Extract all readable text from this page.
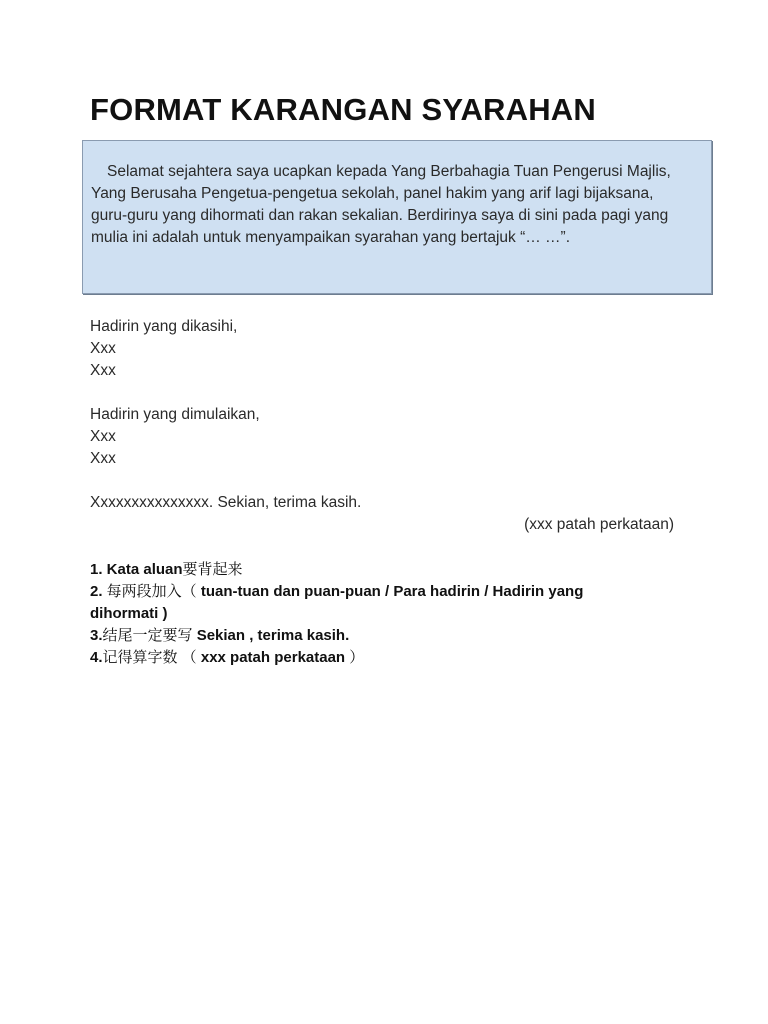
FORMAT KARANGAN SYARAHAN

Selamat sejahtera saya ucapkan kepada Yang Berbahagia Tuan Pengerusi Majlis, Yang Berusaha Pengetua-pengetua sekolah, panel hakim yang arif lagi bijaksana, guru-guru yang dihormati dan rakan sekalian. Berdirinya saya di sini pada pagi yang mulia ini adalah untuk menyampaikan syarahan yang bertajuk “… …”.

Hadirin yang dikasihi,
Xxx
Xxx
Hadirin yang dimulaikan,
Xxx
Xxx
Xxxxxxxxxxxxxxx. Sekian, terima kasih.
(xxx patah perkataan)
1. Kata aluan要背起来
2. 每两段加入（ tuan-tuan dan puan-puan / Para hadirin / Hadirin yang dihormati )
3.结尾一定要写 Sekian , terima kasih.
4.记得算字数 （ xxx patah perkataan ）
